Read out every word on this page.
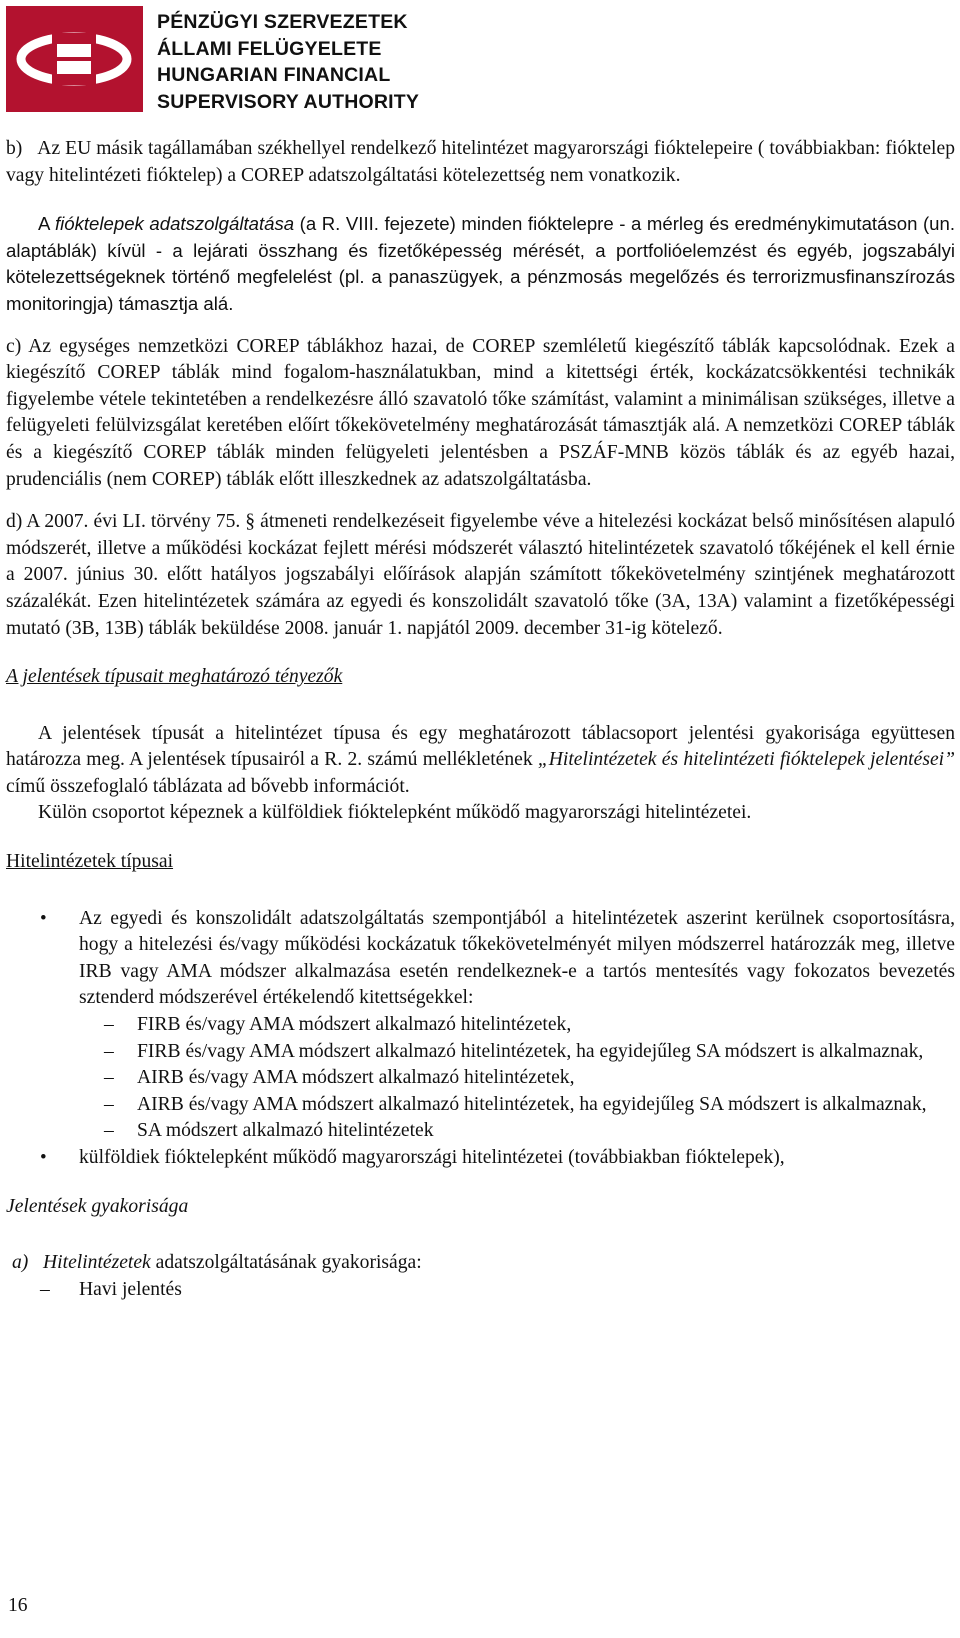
PÉNZÜGYI SZERVEZETEK
ÁLLAMI FELÜGYELETE
HUNGARIAN FINANCIAL
SUPERVISORY AUTHORITY

b)   Az EU másik tagállamában székhellyel rendelkező hitelintézet magyarországi fióktelepeire ( továbbiakban: fióktelep vagy hitelintézeti fióktelep) a COREP adatszolgáltatási kötelezettség nem vonatkozik.

A fióktelepek adatszolgáltatása (a R. VIII. fejezete) minden fióktelepre - a mérleg és eredménykimutatáson (un. alaptáblák) kívül - a lejárati összhang és fizetőképesség mérését, a portfolióelemzést és egyéb, jogszabályi kötelezettségeknek történő megfelelést (pl. a panaszügyek, a pénzmosás megelőzés és terrorizmusfinanszírozás monitoringja) támasztja alá.

c) Az egységes nemzetközi COREP táblákhoz hazai, de COREP szemléletű kiegészítő táblák kapcsolódnak. Ezek a kiegészítő COREP táblák mind fogalom-használatukban, mind a kitettségi érték, kockázatcsökkentési technikák figyelembe vétele tekintetében a rendelkezésre álló szavatoló tőke számítást, valamint a minimálisan szükséges, illetve a felügyeleti felülvizsgálat keretében előírt tőkekövetelmény meghatározását támasztják alá. A nemzetközi COREP táblák és a kiegészítő COREP táblák minden felügyeleti jelentésben a PSZÁF-MNB közös táblák és az egyéb hazai, prudenciális (nem COREP) táblák előtt illeszkednek az adatszolgáltatásba.

d) A 2007. évi LI. törvény 75. § átmeneti rendelkezéseit figyelembe véve a hitelezési kockázat belső minősítésen alapuló módszerét, illetve a működési kockázat fejlett mérési módszerét választó hitelintézetek szavatoló tőkéjének el kell érnie a 2007. június 30. előtt hatályos jogszabályi előírások alapján számított tőkekövetelmény szintjének meghatározott százalékát. Ezen hitelintézetek számára az egyedi és konszolidált szavatoló tőke (3A, 13A) valamint a fizetőképességi mutató (3B, 13B) táblák beküldése 2008. január 1. napjától 2009. december 31-ig kötelező.

A jelentések típusait meghatározó tényezők

A jelentések típusát a hitelintézet típusa és egy meghatározott táblacsoport jelentési gyakorisága együttesen határozza meg. A jelentések típusairól a R. 2. számú mellékletének „Hitelintézetek és hitelintézeti fióktelepek jelentései” című összefoglaló táblázata ad bővebb információt.

Külön csoportot képeznek a külföldiek fióktelepként működő magyarországi hitelintézetei.

Hitelintézetek típusai

• Az egyedi és konszolidált adatszolgáltatás szempontjából a hitelintézetek aszerint kerülnek csoportosításra, hogy a hitelezési és/vagy működési kockázatuk tőkekövetelményét milyen módszerrel határozzák meg, illetve IRB vagy AMA módszer alkalmazása esetén rendelkeznek-e a tartós mentesítés vagy fokozatos bevezetés sztenderd módszerével értékelendő kitettségekkel:
– FIRB és/vagy AMA módszert alkalmazó hitelintézetek,
– FIRB és/vagy AMA módszert alkalmazó hitelintézetek, ha egyidejűleg SA módszert is alkalmaznak,
– AIRB és/vagy AMA módszert alkalmazó hitelintézetek,
– AIRB és/vagy AMA módszert alkalmazó hitelintézetek, ha egyidejűleg SA módszert is alkalmaznak,
– SA módszert alkalmazó hitelintézetek
• külföldiek fióktelepként működő magyarországi hitelintézetei (továbbiakban fióktelepek),

Jelentések gyakorisága

a) Hitelintézetek adatszolgáltatásának gyakorisága:

– Havi jelentés

16
